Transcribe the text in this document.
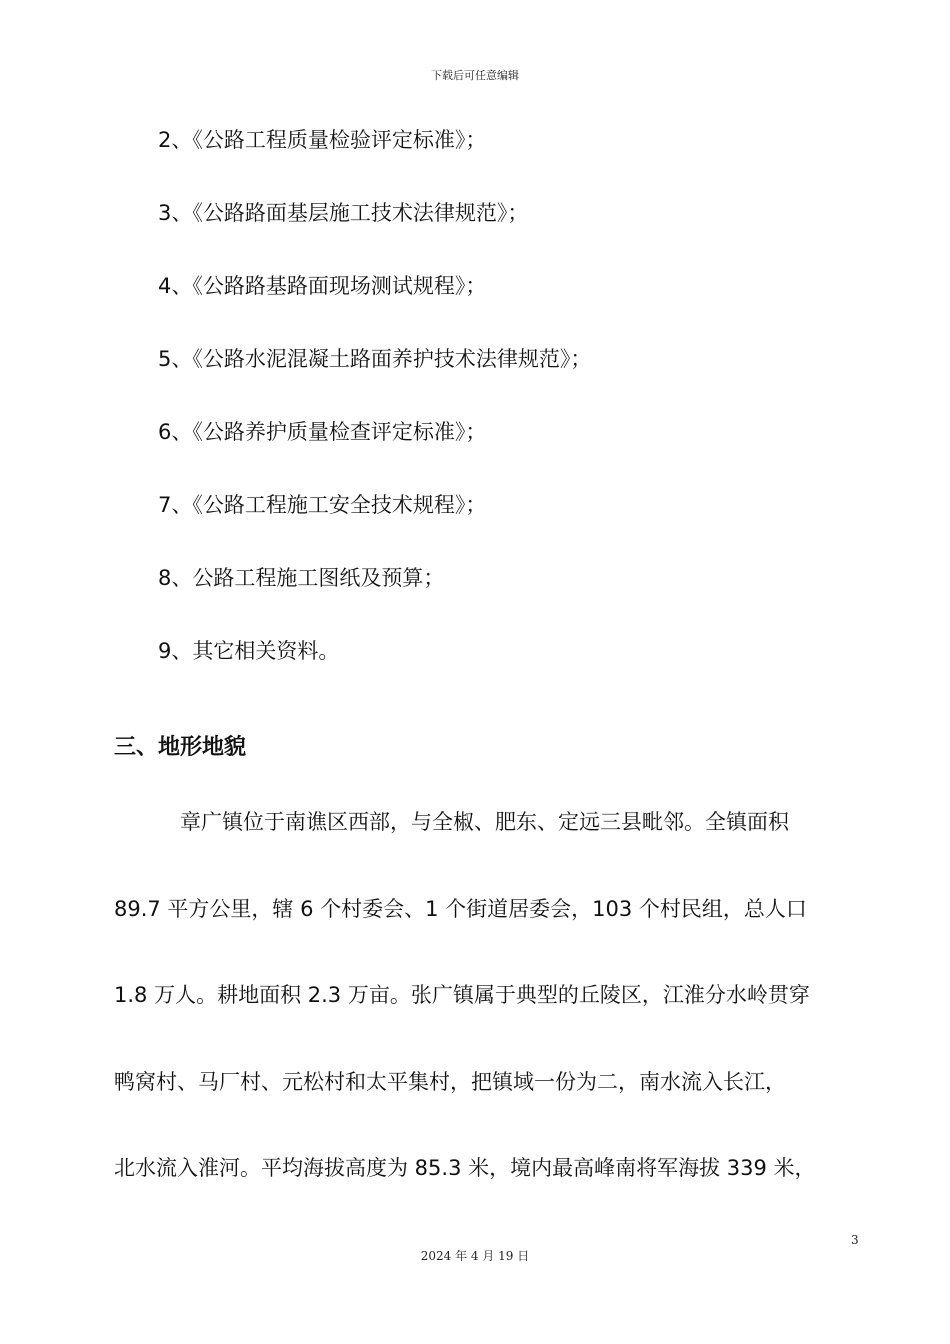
下载后可任意编辑
2、《公路工程质量检验评定标准》；
3、《公路路面基层施工技术法律规范》；
4、《公路路基路面现场测试规程》；
5、《公路水泥混凝土路面养护技术法律规范》；
6、《公路养护质量检查评定标准》；
7、《公路工程施工安全技术规程》；
8、公路工程施工图纸及预算；
9、其它相关资料。
三、地形地貌
章广镇位于南谯区西部，与全椒、肥东、定远三县毗邻。全镇面积
89.7 平方公里，辖 6 个村委会、1 个街道居委会，103 个村民组，总人口
1.8 万人。耕地面积 2.3 万亩。张广镇属于典型的丘陵区，江淮分水岭贯穿
鸭窝村、马厂村、元松村和太平集村，把镇域一份为二，南水流入长江，
北水流入淮河。平均海拔高度为 85.3 米，境内最高峰南将军海拔 339 米，
3
2024 年 4 月 19 日
